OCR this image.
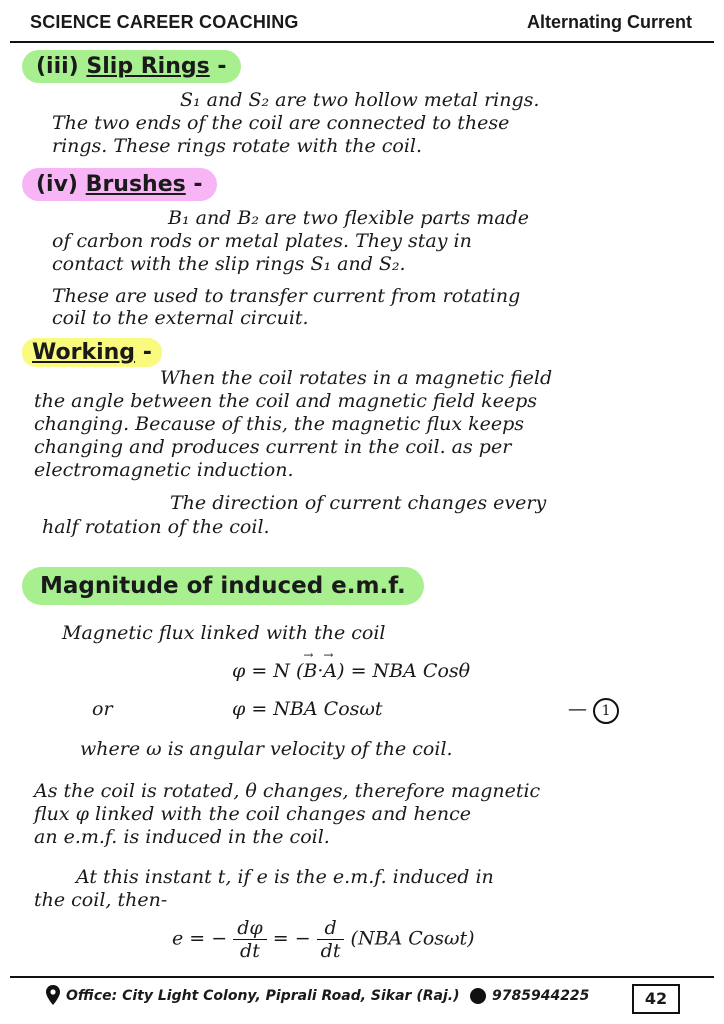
SCIENCE CAREER COACHING	Alternating Current
(iii) Slip Rings -
S₁ and S₂ are two hollow metal rings.
The two ends of the coil are connected to these
rings. These rings rotate with the coil.
(iv) Brushes -
B₁ and B₂ are two flexible parts made
of carbon rods or metal plates. They stay in
contact with the slip rings S₁ and S₂.
These are used to transfer current from rotating
coil to the external circuit.
Working -
When the coil rotates in a magnetic field
the angle between the coil and magnetic field keeps
changing. Because of this, the magnetic flux keeps
changing and produces current in the coil. as per
electromagnetic induction.
The direction of current changes every
half rotation of the coil.
Magnitude of induced e.m.f.
Magnetic flux linked with the coil
φ = N (→ B·→ A) = NBA Cosθ
or	φ = NBA Cosωt	— 1
where ω is angular velocity of the coil.
As the coil is rotated, θ changes, therefore magnetic
flux φ linked with the coil changes and hence
an e.m.f. is induced in the coil.
At this instant t, if e is the e.m.f. induced in
the coil, then-
e = − $\frac{d\varphi}{dt}$ = − $\frac{d}{dt} (NBA$ Cosωt)
Office: City Light Colony, Piprali Road, Sikar (Raj.) 9785944225	42
